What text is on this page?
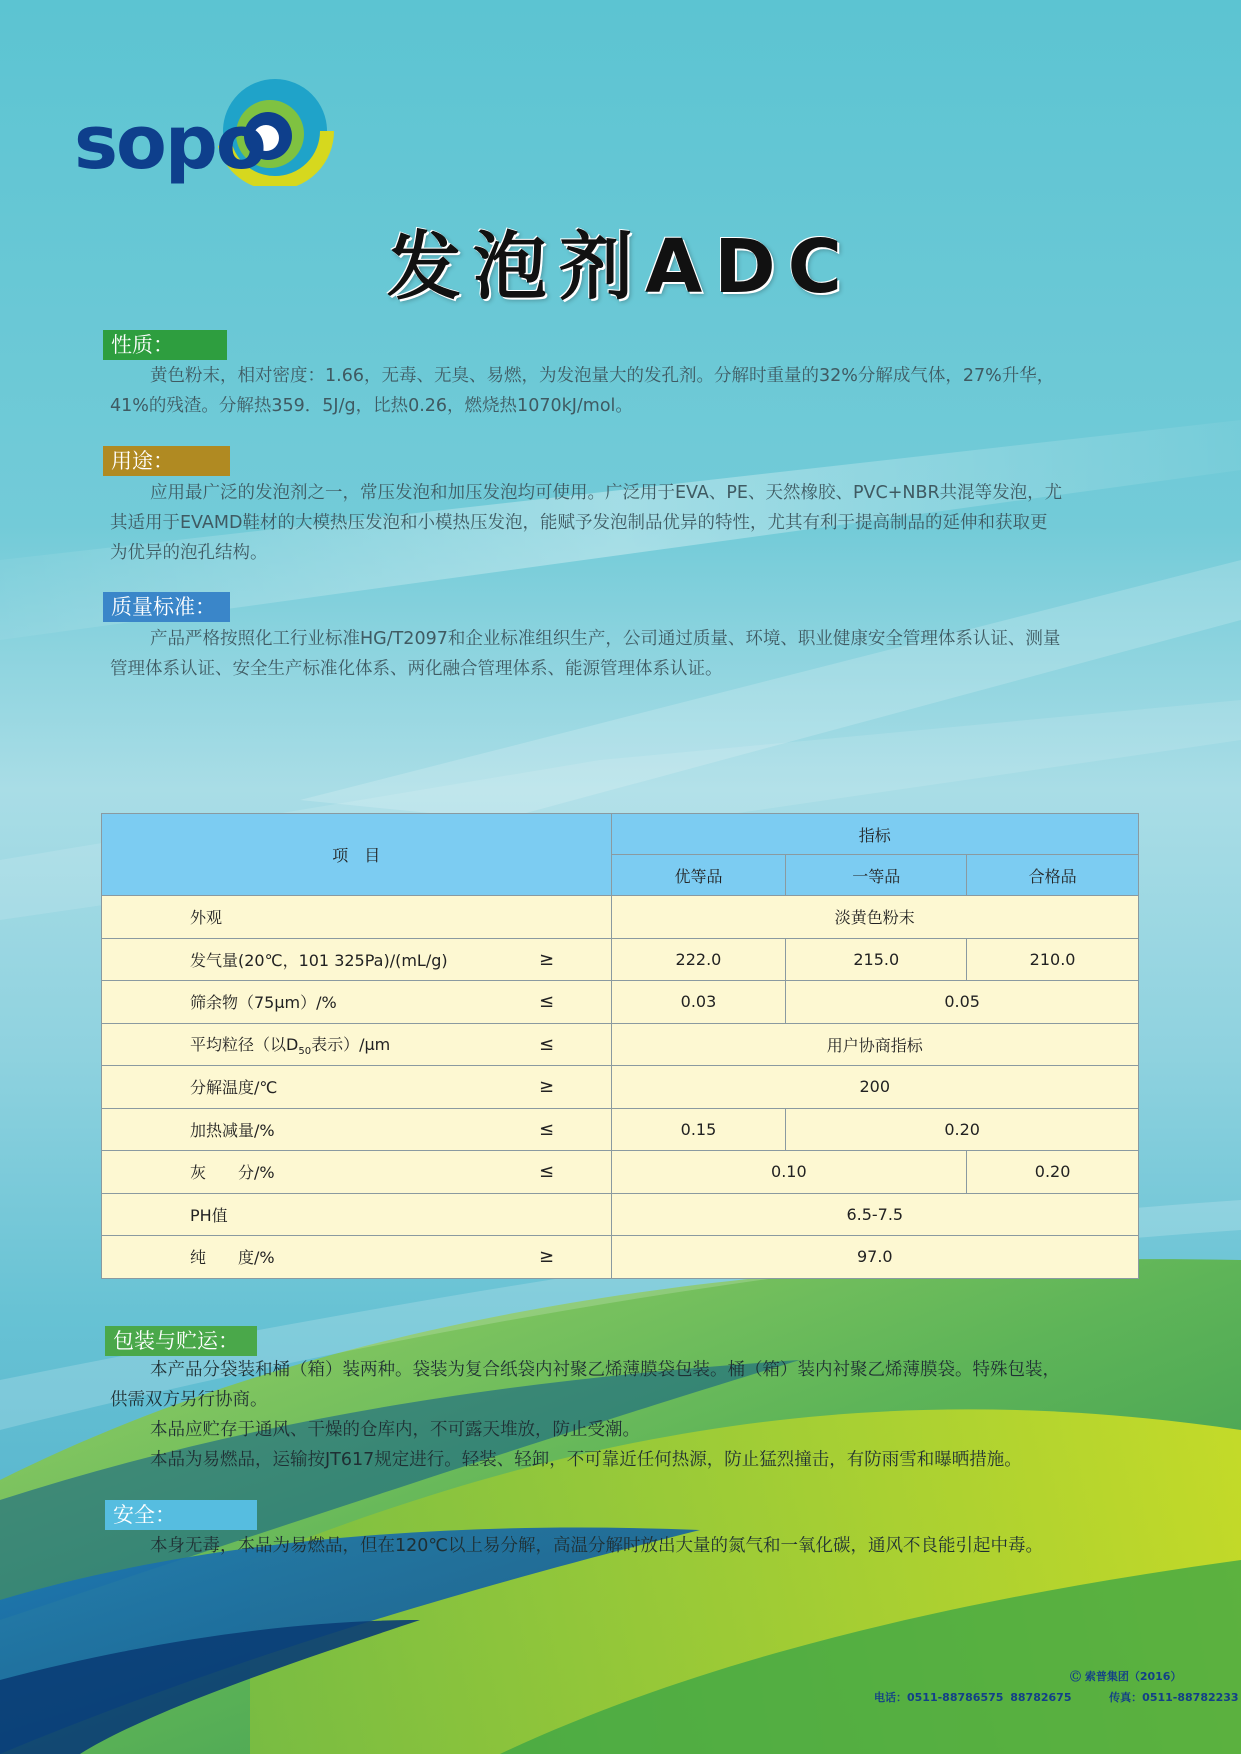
sopo
发泡剂ADC
性质：

黄色粉末，相对密度：1.66，无毒、无臭、易燃，为发泡量大的发孔剂。分解时重量的32%分解成气体，27%升华，

41%的残渣。分解热359．5J/g，比热0.26，燃烧热1070kJ/mol。

用途：

应用最广泛的发泡剂之一，常压发泡和加压发泡均可使用。广泛用于EVA、PE、天然橡胶、PVC+NBR共混等发泡，尤

其适用于EVAMD鞋材的大模热压发泡和小模热压发泡，能赋予发泡制品优异的特性，尤其有利于提高制品的延伸和获取更

为优异的泡孔结构。

质量标准：

产品严格按照化工行业标准HG/T2097和企业标准组织生产，公司通过质量、环境、职业健康安全管理体系认证、测量

管理体系认证、安全生产标准化体系、两化融合管理体系、能源管理体系认证。

项　目	指标		
	优等品	一等品	合格品
外观	淡黄色粉末		
发气量(20℃，101 325Pa)/(mL/g) ≥	222.0	215.0	210.0
筛余物（75μm）/% ≤	0.03	0.05	
平均粒径（以$D_{50}$表示）/μm ≤	用户协商指标		
分解温度/℃ ≥	200		
加热减量/% ≤	0.15	0.20	
灰　　分/% ≤	0.10		0.20
PH值	6.5-7.5		
纯　　度/% ≥	97.0		
包装与贮运：

本产品分袋装和桶（箱）装两种。袋装为复合纸袋内衬聚乙烯薄膜袋包装。桶（箱）装内衬聚乙烯薄膜袋。特殊包装，

供需双方另行协商。

本品应贮存于通风、干燥的仓库内，不可露天堆放，防止受潮。

本品为易燃品，运输按JT617规定进行。轻装、轻卸，不可靠近任何热源，防止猛烈撞击，有防雨雪和曝晒措施。

安全：

本身无毒，本品为易燃品，但在120℃以上易分解，高温分解时放出大量的氮气和一氧化碳，通风不良能引起中毒。

Ⓒ 索普集团（2016）
电话：0511-88786575 88782675	传真：0511-88782233
